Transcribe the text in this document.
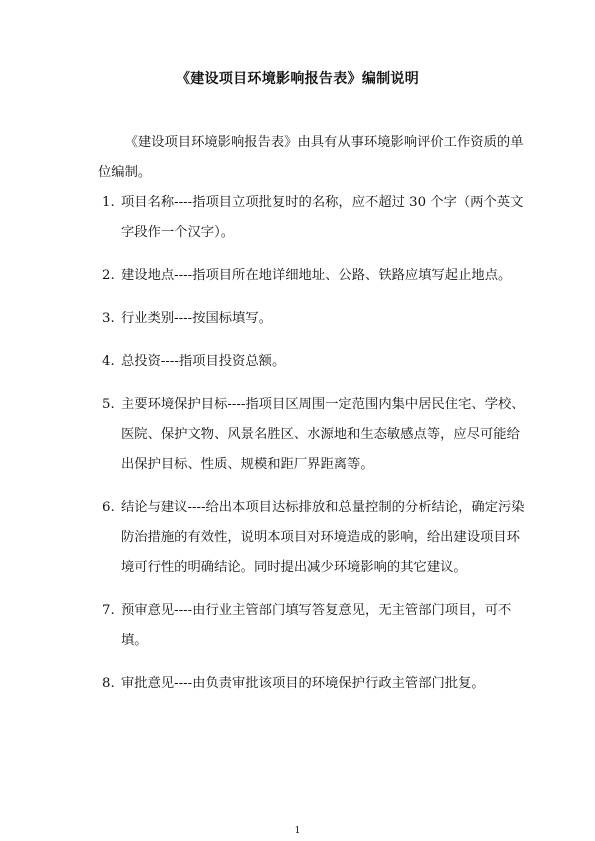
《建设项目环境影响报告表》编制说明

《建设项目环境影响报告表》由具有从事环境影响评价工作资质的单位编制。

1. 项目名称----指项目立项批复时的名称，应不超过 30 个字（两个英文字段作一个汉字）。
2. 建设地点----指项目所在地详细地址、公路、铁路应填写起止地点。
3. 行业类别----按国标填写。
4. 总投资----指项目投资总额。
5. 主要环境保护目标----指项目区周围一定范围内集中居民住宅、学校、医院、保护文物、风景名胜区、水源地和生态敏感点等，应尽可能给出保护目标、性质、规模和距厂界距离等。
6. 结论与建议----给出本项目达标排放和总量控制的分析结论，确定污染防治措施的有效性，说明本项目对环境造成的影响，给出建设项目环境可行性的明确结论。同时提出减少环境影响的其它建议。
7. 预审意见----由行业主管部门填写答复意见，无主管部门项目，可不填。
8. 审批意见----由负责审批该项目的环境保护行政主管部门批复。
1
